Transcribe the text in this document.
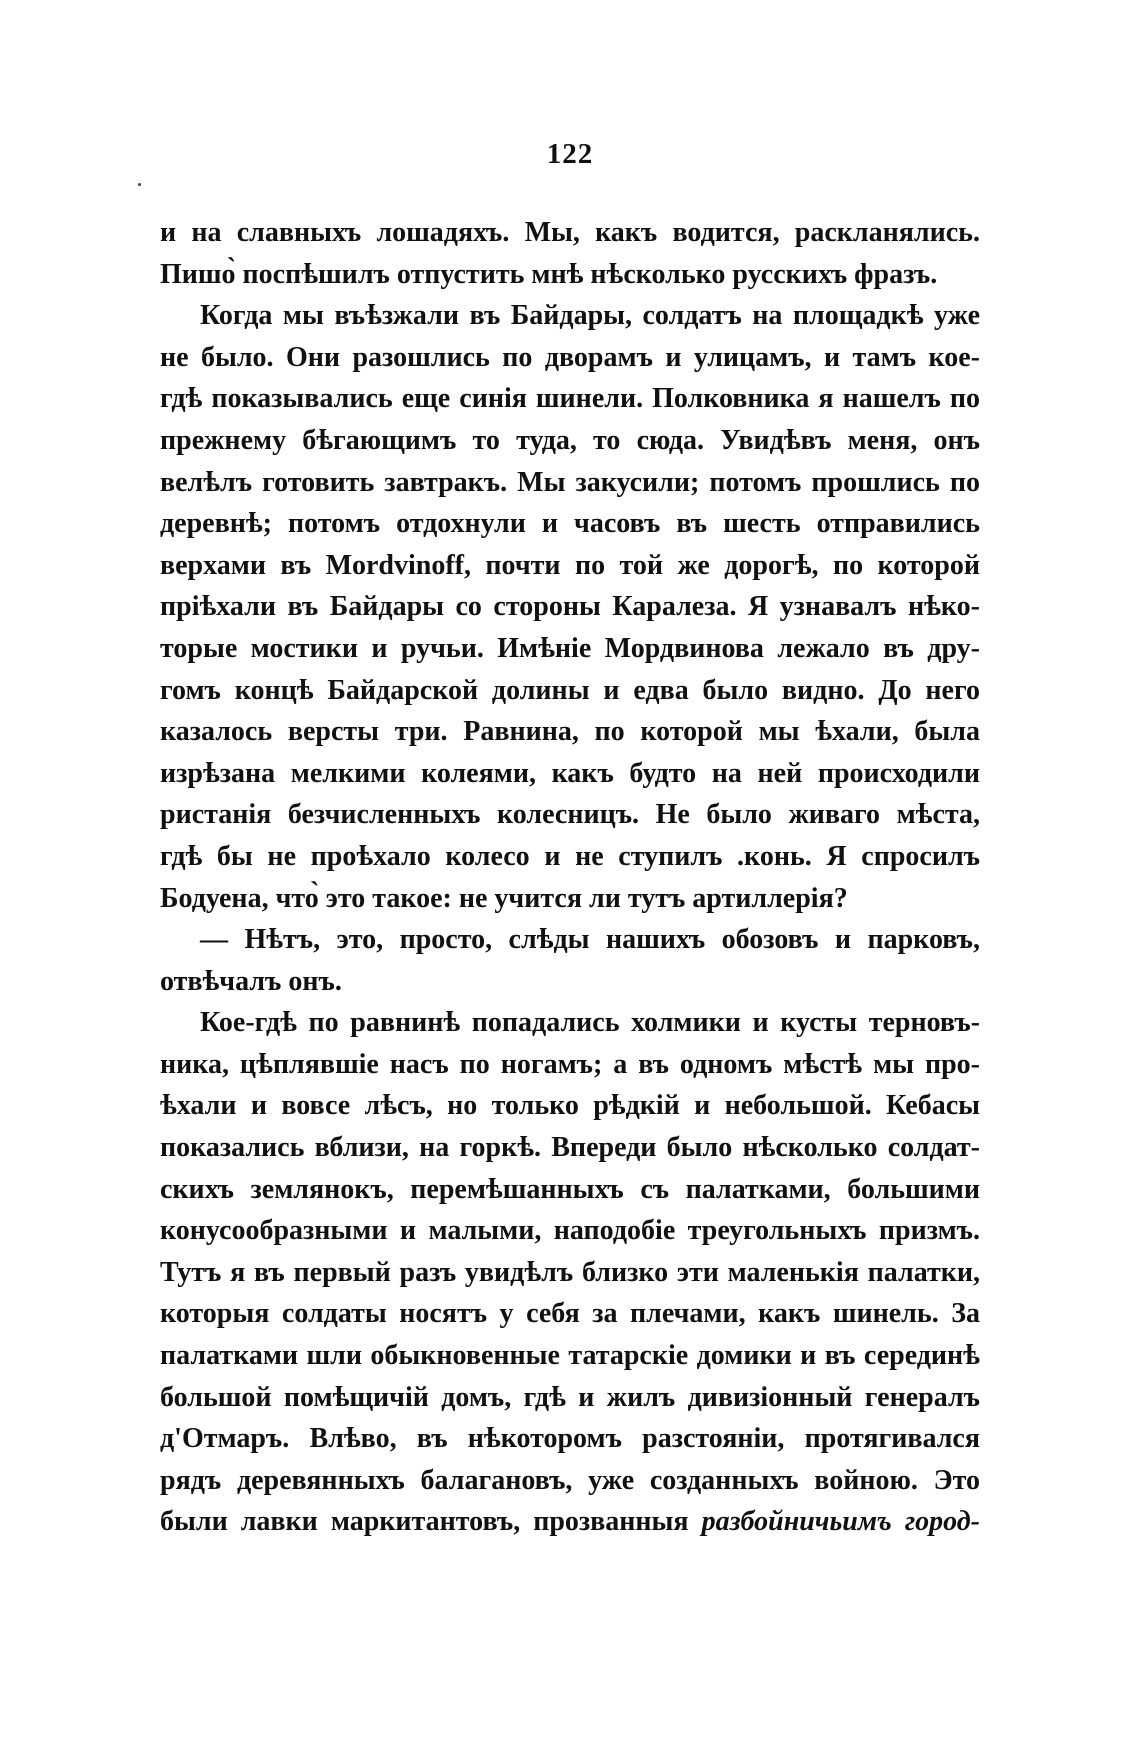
122
и на славныхъ лошадяхъ. Мы, какъ водится, раскланялись.
Пишо̀ поспѣшилъ отпустить мнѣ нѣсколько русскихъ фразъ.
Когда мы въѣзжали въ Байдары, солдатъ на площадкѣ уже
не было. Они разошлись по дворамъ и улицамъ, и тамъ кое-
гдѣ показывались еще синія шинели. Полковника я нашелъ по
прежнему бѣгающимъ то туда, то сюда. Увидѣвъ меня, онъ
велѣлъ готовить завтракъ. Мы закусили; потомъ прошлись по
деревнѣ; потомъ отдохнули и часовъ въ шесть отправились
верхами въ Mordvinoff, почти по той же дорогѣ, по которой
пріѣхали въ Байдары со стороны Каралеза. Я узнавалъ нѣко-
торые мостики и ручьи. Имѣніе Мордвинова лежало въ дру-
гомъ концѣ Байдарской долины и едва было видно. До него
казалось версты три. Равнина, по которой мы ѣхали, была
изрѣзана мелкими колеями, какъ будто на ней происходили
ристанія безчисленныхъ колесницъ. Не было живаго мѣста,
гдѣ бы не проѣхало колесо и не ступилъ .конь. Я спросилъ
Бодуена, что̀ это такое: не учится ли тутъ артиллерія?
— Нѣтъ, это, просто, слѣды нашихъ обозовъ и парковъ,
отвѣчалъ онъ.
Кое-гдѣ по равнинѣ попадались холмики и кусты терновъ-
ника, цѣплявшіе насъ по ногамъ; а въ одномъ мѣстѣ мы про-
ѣхали и вовсе лѣсъ, но только рѣдкій и небольшой. Кебасы
показались вблизи, на горкѣ. Впереди было нѣсколько солдат-
скихъ землянокъ, перемѣшанныхъ съ палатками, большими
конусообразными и малыми, наподобіе треугольныхъ призмъ.
Тутъ я въ первый разъ увидѣлъ близко эти маленькія палатки,
которыя солдаты носятъ у себя за плечами, какъ шинель. За
палатками шли обыкновенные татарскіе домики и въ серединѣ
большой помѣщичій домъ, гдѣ и жилъ дивизіонный генералъ
д'Отмаръ. Влѣво, въ нѣкоторомъ разстояніи, протягивался
рядъ деревянныхъ балагановъ, уже созданныхъ войною. Это
были лавки маркитантовъ, прозванныя разбойничьимъ город-
